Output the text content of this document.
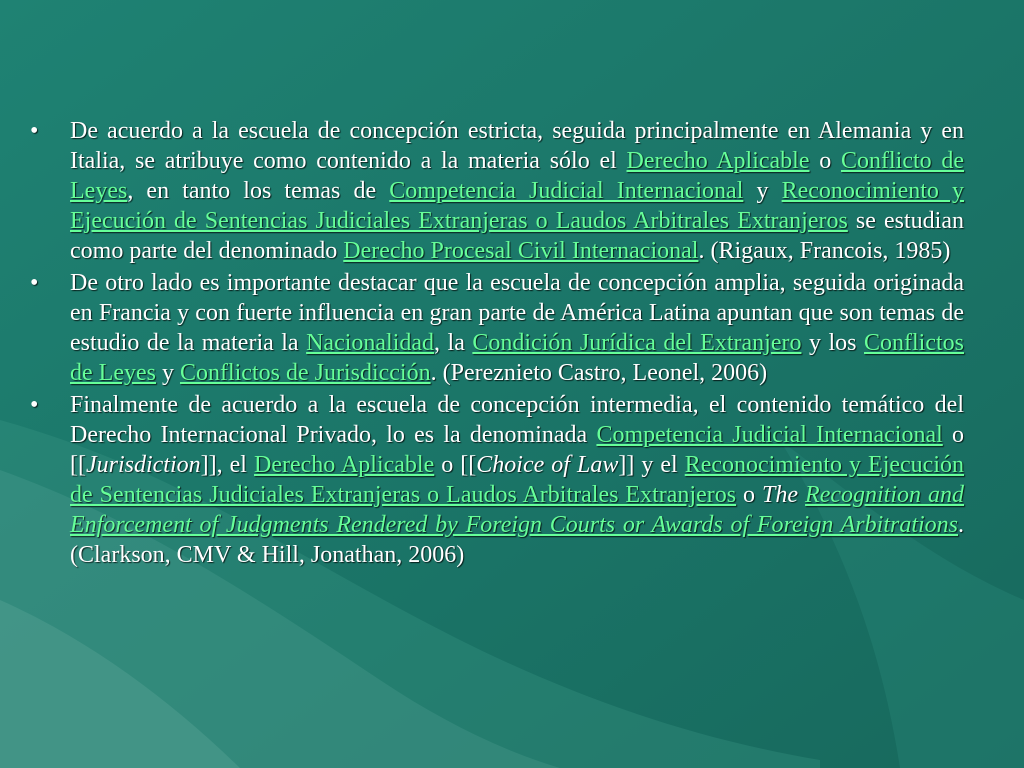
• De acuerdo a la escuela de concepción estricta, seguida principalmente en Alemania y en Italia, se atribuye como contenido a la materia sólo el Derecho Aplicable o Conflicto de Leyes, en tanto los temas de Competencia Judicial Internacional y Reconocimiento y Ejecución de Sentencias Judiciales Extranjeras o Laudos Arbitrales Extranjeros se estudian como parte del denominado Derecho Procesal Civil Internacional. (Rigaux, Francois, 1985)
• De otro lado es importante destacar que la escuela de concepción amplia, seguida originada en Francia y con fuerte influencia en gran parte de América Latina apuntan que son temas de estudio de la materia la Nacionalidad, la Condición Jurídica del Extranjero y los Conflictos de Leyes y Conflictos de Jurisdicción. (Pereznieto Castro, Leonel, 2006)
• Finalmente de acuerdo a la escuela de concepción intermedia, el contenido temático del Derecho Internacional Privado, lo es la denominada Competencia Judicial Internacional o [[Jurisdiction]], el Derecho Aplicable o [[Choice of Law]] y el Reconocimiento y Ejecución de Sentencias Judiciales Extranjeras o Laudos Arbitrales Extranjeros o The Recognition and Enforcement of Judgments Rendered by Foreign Courts or Awards of Foreign Arbitrations. (Clarkson, CMV & Hill, Jonathan, 2006)
